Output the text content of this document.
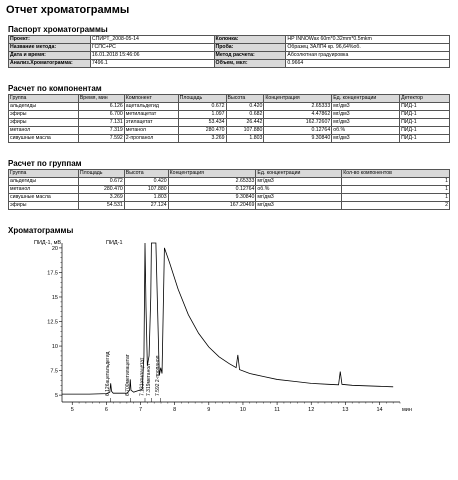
Отчет хроматограммы
Паспорт хроматограммы
Проект:	СПИРТ_2008-05-14	Колонка:	HP INNOWax 60m*0.32mm*0.5mkm
Название метода:	ГСПС+РС	Проба:	Образец ЗАЛП4 кр. 96,64%об.
Дата и время:	16.01.2018 15:46:06	Метод расчета:	Абсолютная градуировка
Анализ.Хроматограмма:	7496.1	Объем, мкл:	0.9664
Расчет по компонентам
Группа	Время, мин	Компонент	Площадь	Высота	Концентрация	Ед. концентрации	Детектор
альдегиды	6.126	ацетальдегид	0.672	0.420	2.65333	мг/дм3	ПИД-1
эфиры	6.700	метилацетат	1.097	0.682	4.47862	мг/дм3	ПИД-1
эфиры	7.131	этилацетат	53.434	26.442	162.72607	мг/дм3	ПИД-1
метанол	7.319	метанол	280.470	107.880	0.12764	об.%	ПИД-1
сивушные масла	7.592	2-пропанол	3.269	1.803	9.30840	мг/дм3	ПИД-1
Расчет по группам
Группа	Площадь	Высота	Концентрация	Ед. концентрации	Кол-во компонентов
альдегиды	0.672	0.420	2.65333	мг/дм3	1
метанол	280.470	107.880	0.12764	об.%	1
сивушные масла	3.269	1.803	9.30840	мг/дм3	1
эфиры	54.531	27.124	167.20469	мг/дм3	2
Хроматограммы
5	6	7	8	9	10	11	12	13	14	мин
20
17.5
15
12.5
10
7.5
5
ПИД-1, мВ	ПИД-1
6.126ацетальдегид	6.700метилацетат 7.131этилацетат 7.319метанол 7.592 2-пропанол
